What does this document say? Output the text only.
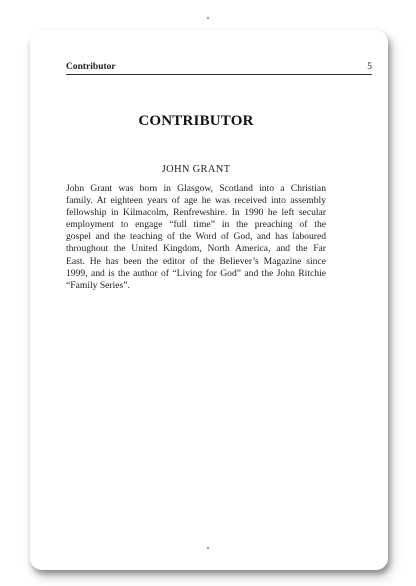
Contributor	5
CONTRIBUTOR
JOHN GRANT

John Grant was born in Glasgow, Scotland into a Christian
family. At eighteen years of age he was received into assembly
fellowship in Kilmacolm, Renfrewshire. In 1990 he left secular
employment to engage “full time” in the preaching of the
gospel and the teaching of the Word of God, and has laboured
throughout the United Kingdom, North America, and the Far
East. He has been the editor of the Believer’s Magazine since
1999, and is the author of “Living for God” and the John Ritchie
“Family Series”.
